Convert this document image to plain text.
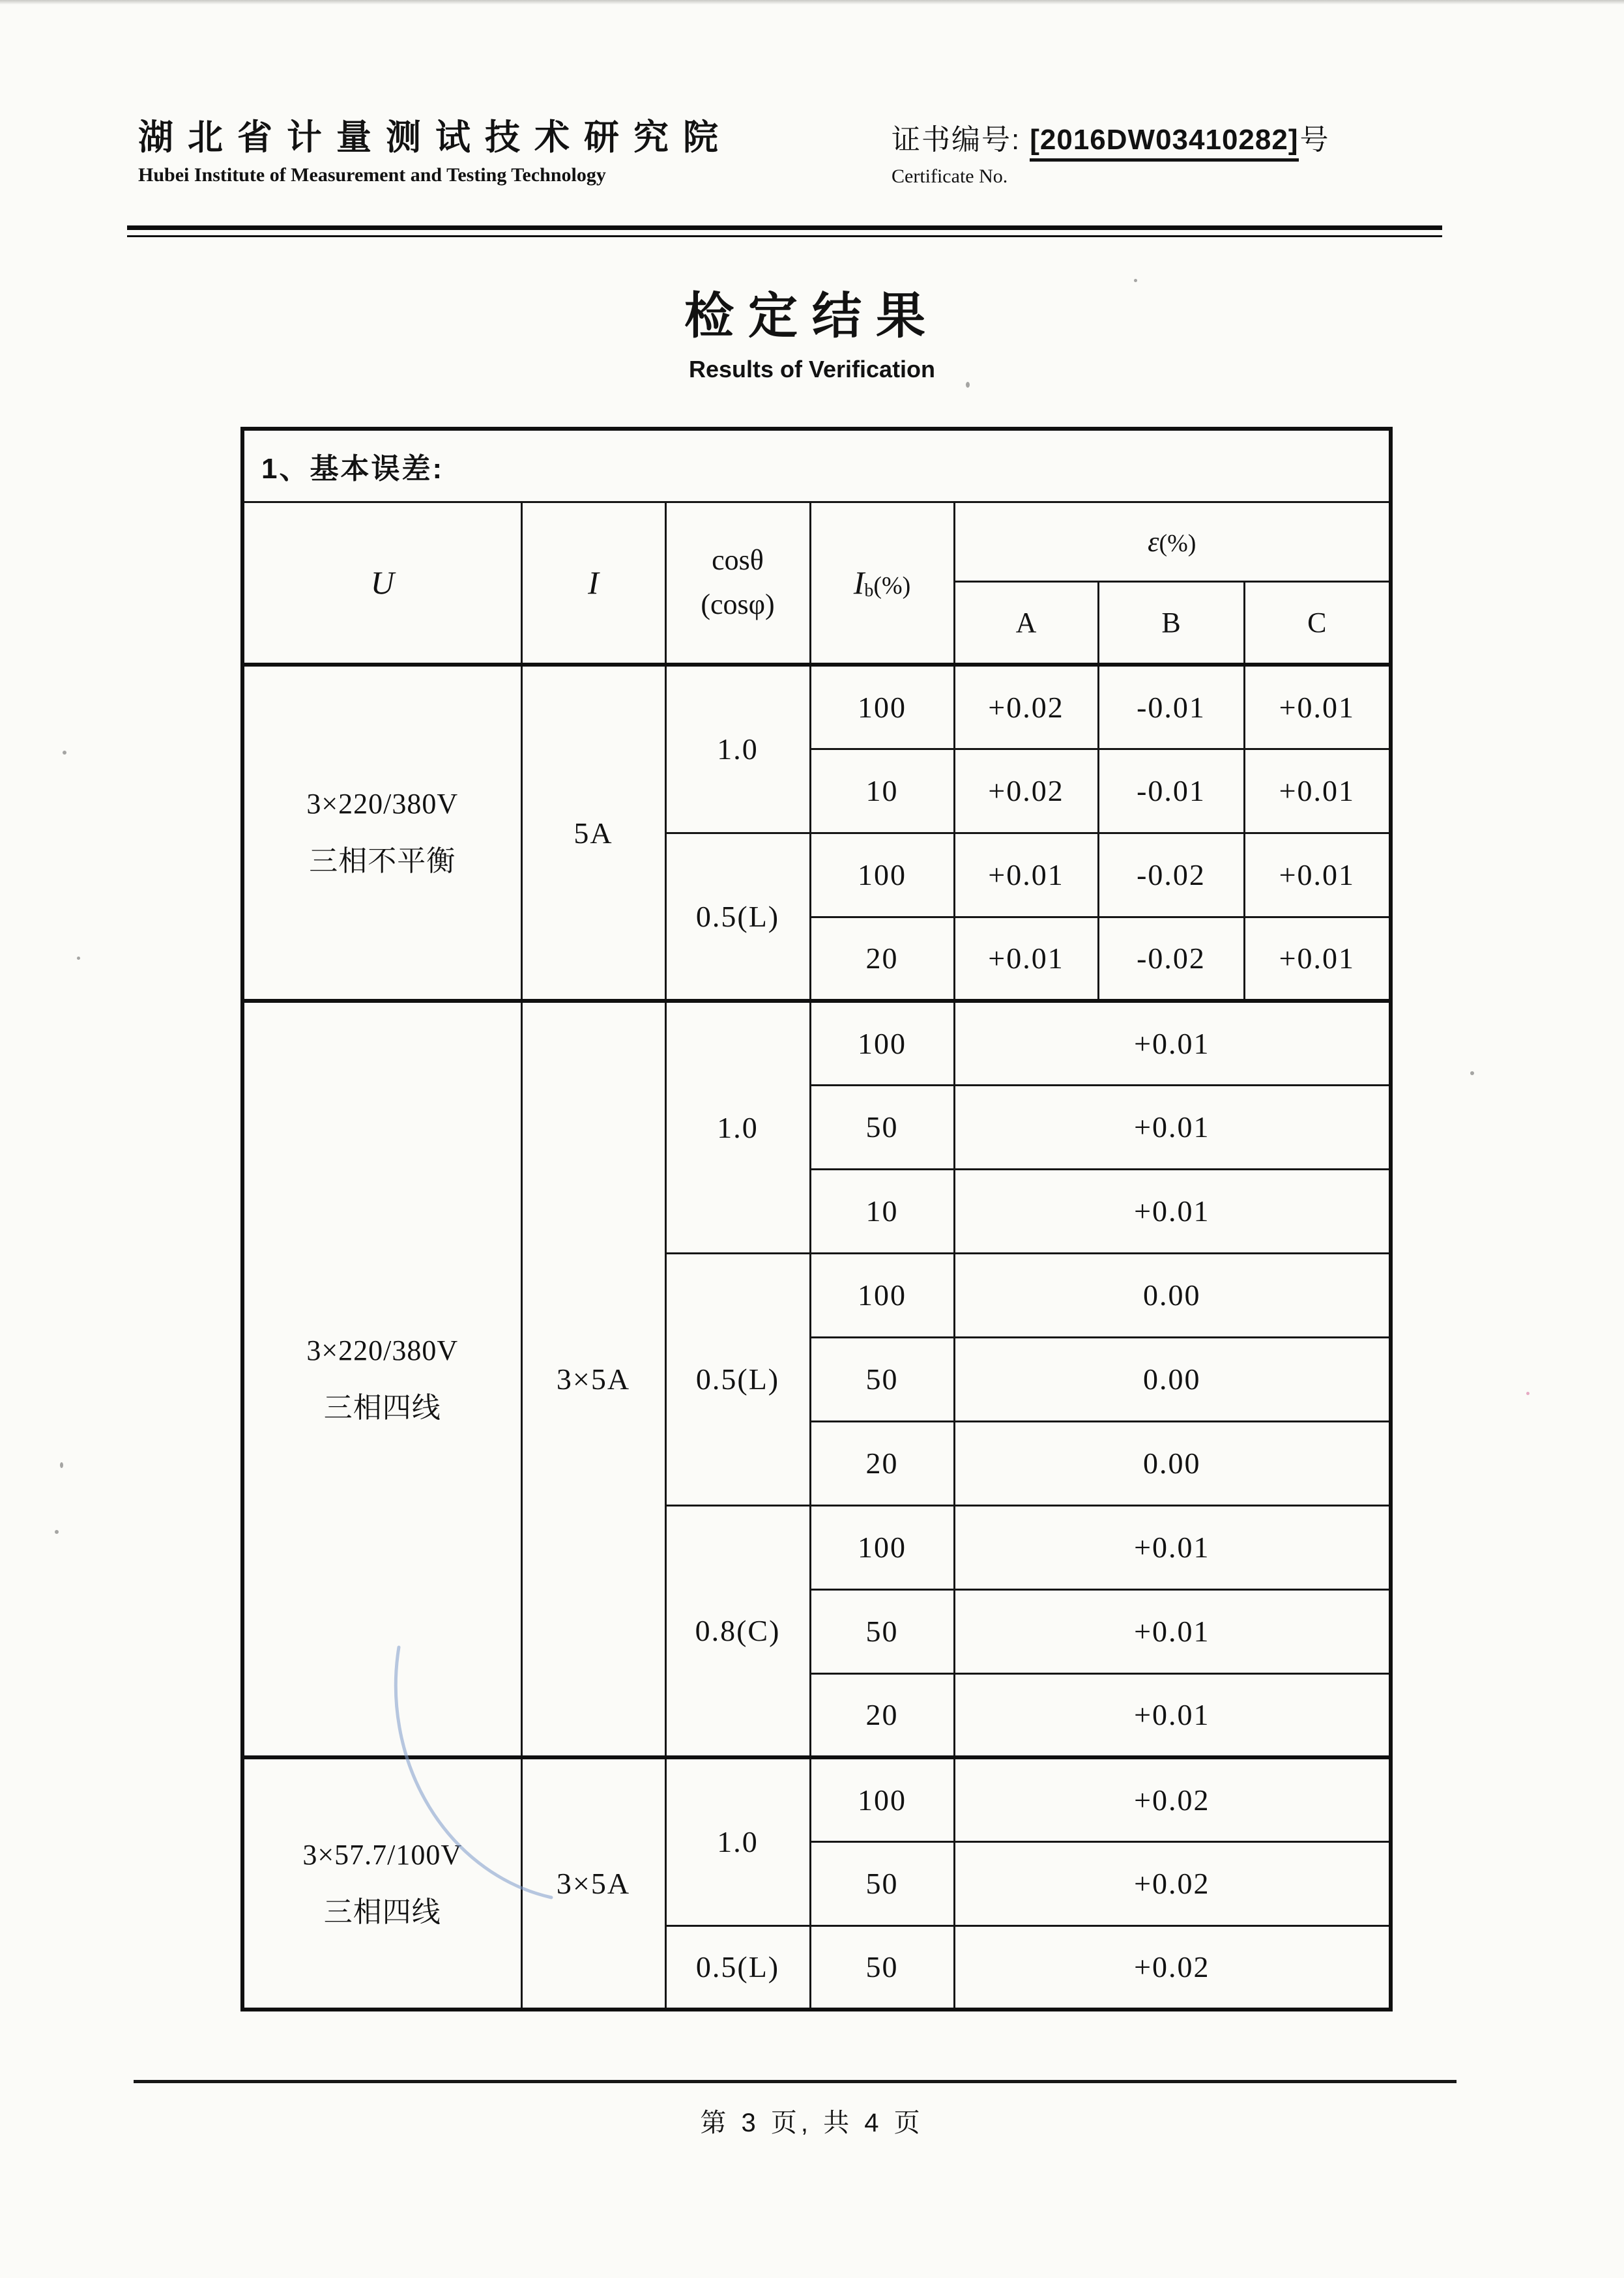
湖北省计量测试技术研究院
Hubei Institute of Measurement and Testing Technology
证书编号: [2016DW03410282]号
Certificate No.
检定结果
Results of Verification
1、基本误差:						
U	I	cosθ
(cosφ)	$I_b(\%)$	ε(%)		
				A	B	C

3×220/380V
三相不平衡	5A	1.0	100	+0.02	-0.01	+0.01
			10	+0.02	-0.01	+0.01
		0.5(L)	100	+0.01	-0.02	+0.01
			20	+0.01	-0.02	+0.01

3×220/380V
三相四线	3×5A	1.0	100	+0.01		
			50	+0.01		
			10	+0.01		
		0.5(L)	100	0.00		
			50	0.00		
			20	0.00		
		0.8(C)	100	+0.01		
			50	+0.01		
			20	+0.01		

3×57.7/100V
三相四线	3×5A	1.0	100	+0.02		
			50	+0.02		
		0.5(L)	50	+0.02		
第 3 页, 共 4 页
